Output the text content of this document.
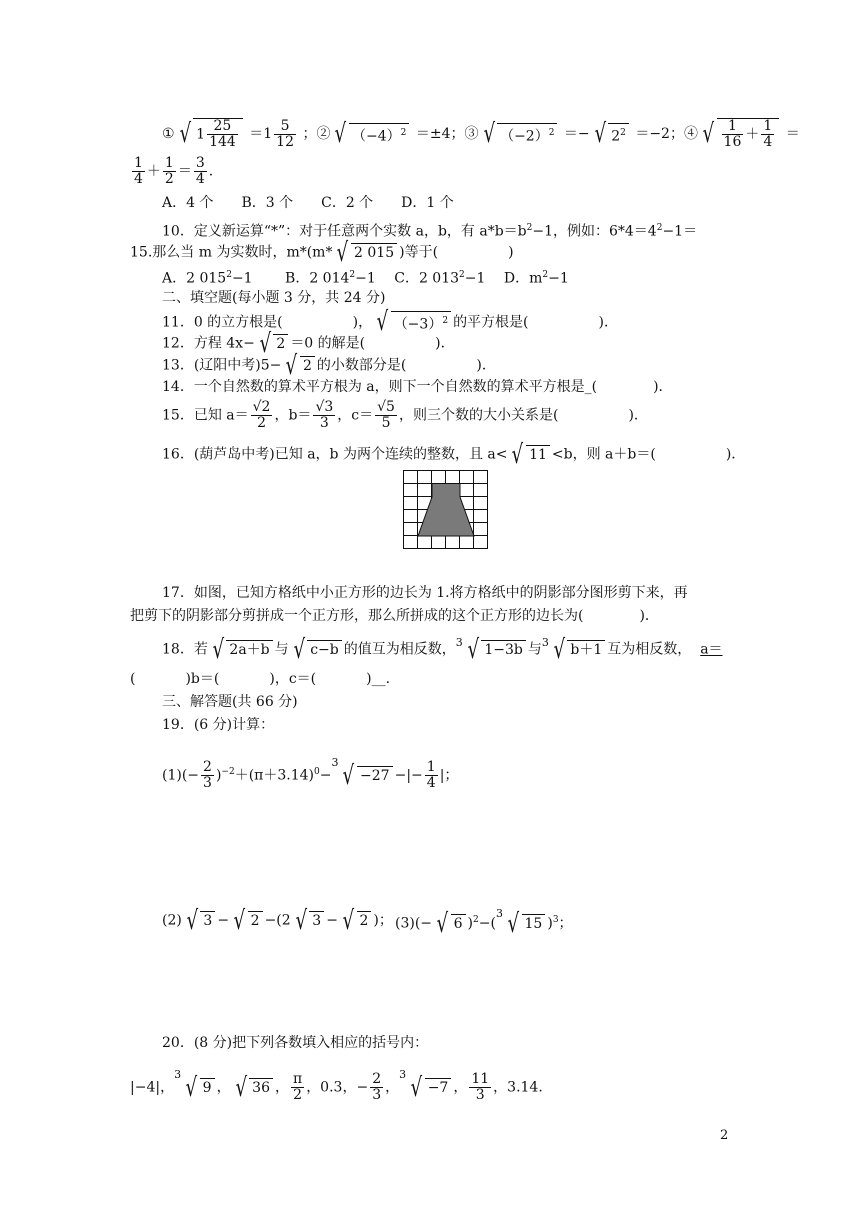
① √ $1 \frac{25}{144} =1 \frac{5}{12}$ ；② √ $(-4)^2 =\pm 4$；③ √ $(-2)^2$ ＝− √ $2^2 =-2$；④ √ $\frac{1}{16} + \frac{1}{4}$ ＝
$\frac{1}{4} + \frac{1}{2} = \frac{3}{4}$ .
A．4 个　　B．3 个　　C．2 个　　D．1 个
10．定义新运算“*”：对于任意两个实数 a，b，有 $a*b=b^2-1$，例如：$6*4=4^2-1=$
15.那么当 m 为实数时，m*(m* √ 2 015 )等于(	)
A．2 $015^2-1$　　 B．2 $014^2-1$　 C．2 $013^2-1$　 D．$m^2-1$
二、填空题(每小题 3 分，共 24 分)
11．0 的立方根是(	)， √ $(-3)^2$ 的平方根是(	)．
12．方程 4x− √ 2 ＝0 的解是(	)．
13．(辽阳中考)5− √ 2 的小数部分是(	)．
14．一个自然数的算术平方根为 a，则下一个自然数的算术平方根是_(　　　　)．
15．已知 $a= \frac{√2}{2}$ ，$b= \frac{√3}{3}$ ，$c= \frac{√5}{5}$ ，则三个数的大小关系是(	)．
16．(葫芦岛中考)已知 a，b 为两个连续的整数，且 a< √ 11 <b，则 a＋b＝(	)．
17．如图，已知方格纸中小正方形的边长为 1.将方格纸中的阴影部分图形剪下来，再
把剪下的阴影部分剪拼成一个正方形，那么所拼成的这个正方形的边长为(　　　　)．
18．若 √ 2a＋b 与 √ c−b 的值互为相反数，$^3$ √ 1−3b 与$^3$ √ b＋1 互为相反数， a＝
(	)b＝(	)，c＝(	)__.
三、解答题(共 66 分)
19．(6 分)计算：
$(1)(- \frac{2}{3} )^{-2}+(\pi+3.14)^0-^3$ √ −27 −|− $\frac{1}{4}$ |；
(2) √ 3 − √ 2 −(2 √ 3 − √ 2 )； (3)(− √ 6 )$^2$−($^3$ √ 15 )$^3$；
20．(8 分)把下列各数填入相应的括号内：
|−4|，$^3$ √ 9 ， √ 36 ， $\frac{\pi}{2}$ ，0.3，− $\frac{2}{3}$ ，$^3$ √ −7 ， $\frac{11}{3}$ ，3.14.
2
